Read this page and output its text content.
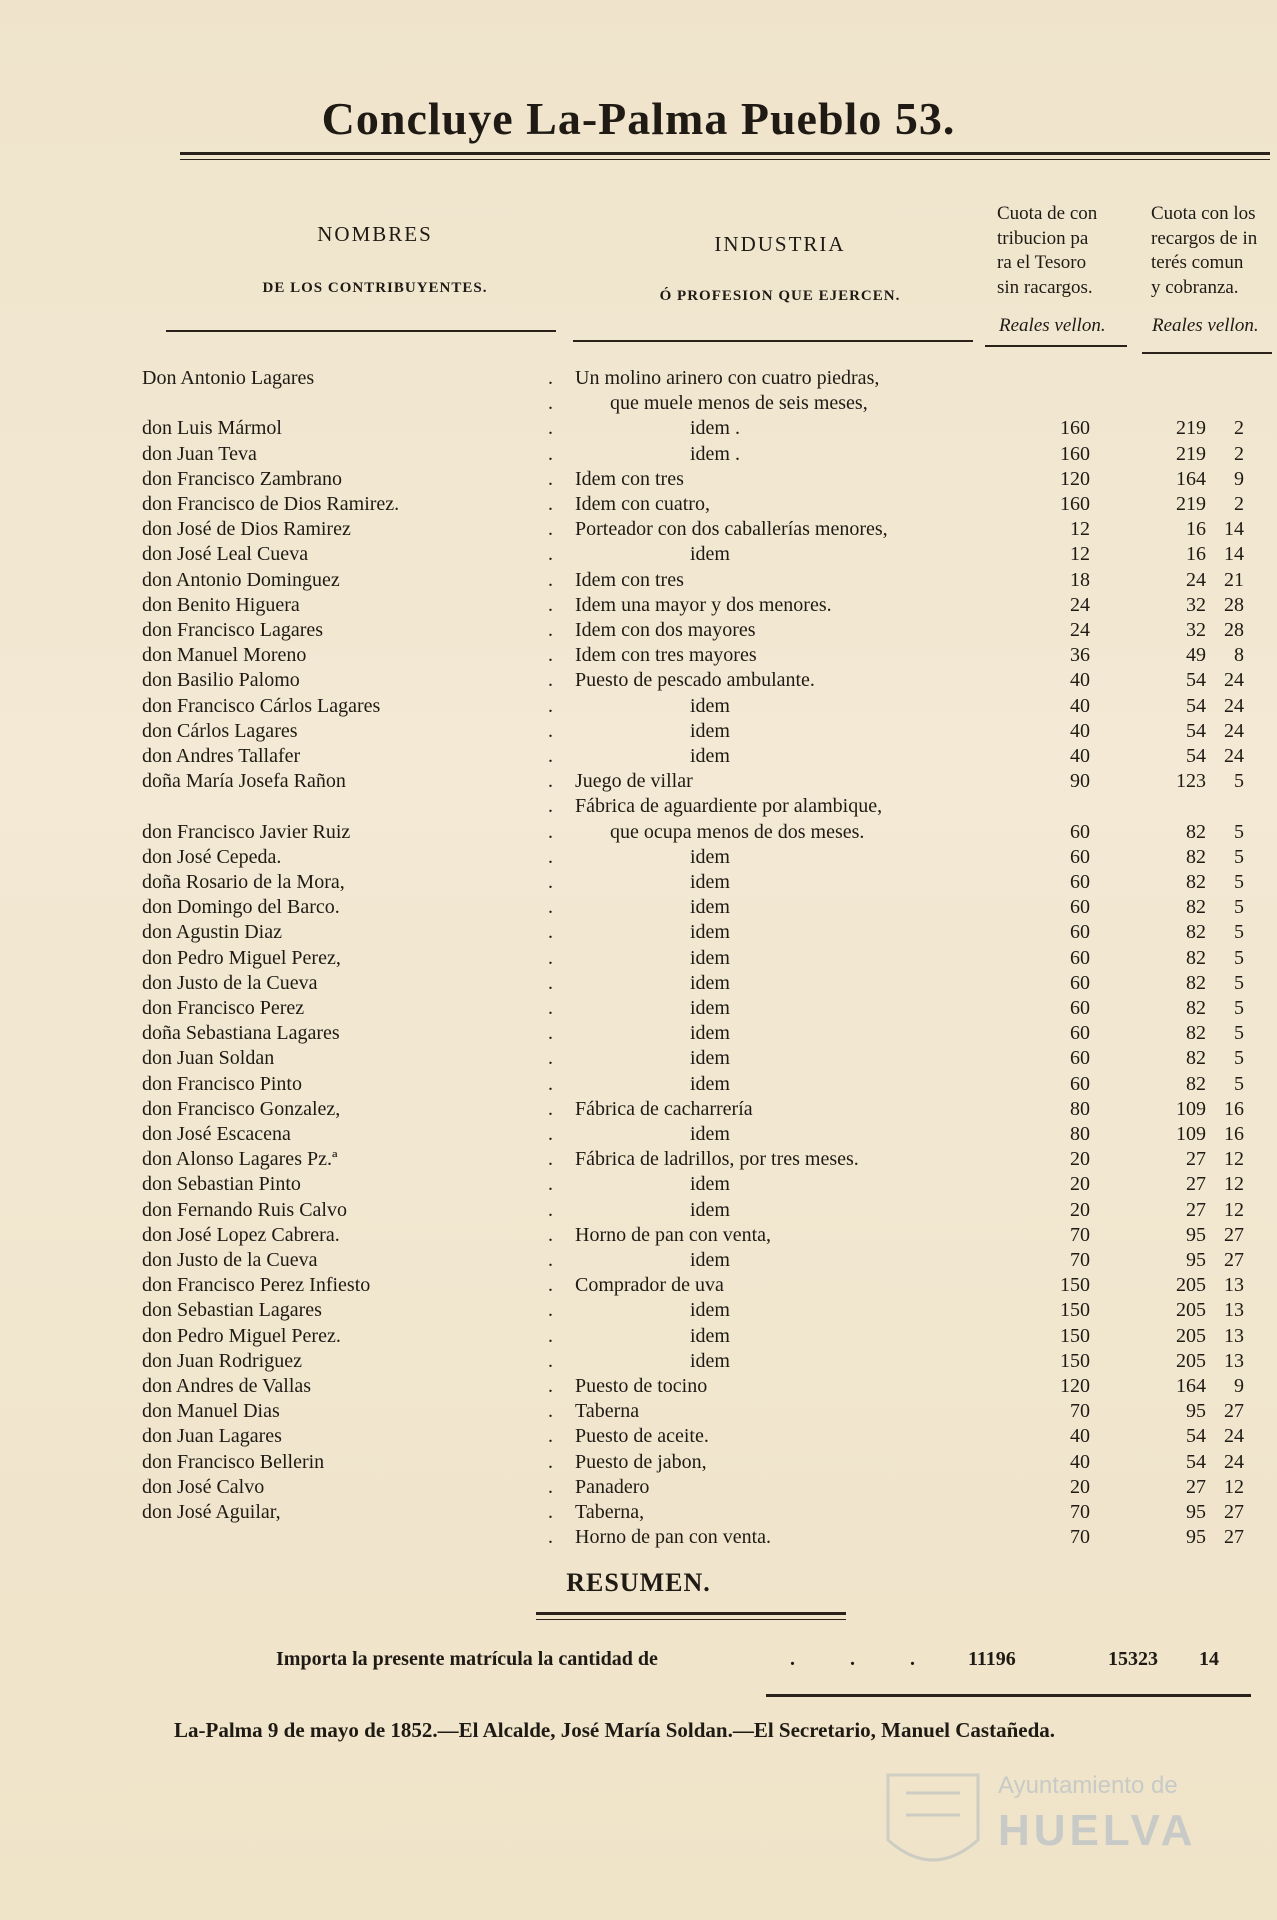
Concluye La-Palma Pueblo 53.
NOMBRES
DE LOS CONTRIBUYENTES.
INDUSTRIA
Ó PROFESION QUE EJERCEN.
Cuota de con
tribucion pa
ra el Tesoro
sin racargos.
Reales vellon.
Cuota con los
recargos de in
terés comun
y cobranza.
Reales vellon.
Don Antonio Lagares	Un molino arinero con cuatro piedras,
.
que muele menos de seis meses,
.
don Luis Mármol	idem .	160	219	2
.
don Juan Teva	idem .	160	219	2
.
don Francisco Zambrano	Idem con tres	120	164	9
.
don Francisco de Dios Ramirez.	Idem con cuatro,	160	219	2
.
don José de Dios Ramirez	Porteador con dos caballerías menores,	12	16 14
.
don José Leal Cueva	idem	12	16 14
.
don Antonio Dominguez	Idem con tres	18	24 21
.
don Benito Higuera	Idem una mayor y dos menores.	24	32 28
.
don Francisco Lagares	Idem con dos mayores	24	32 28
.
don Manuel Moreno	Idem con tres mayores	36	49	8
.
don Basilio Palomo	Puesto de pescado ambulante.	40	54 24
.
don Francisco Cárlos Lagares	idem	40	54 24
.
don Cárlos Lagares	idem	40	54 24
.
don Andres Tallafer	idem	40	54 24
.
doña María Josefa Rañon	Juego de villar	90	123	5
.
Fábrica de aguardiente por alambique,
.
don Francisco Javier Ruiz	que ocupa menos de dos meses.	60	82	5
.
don José Cepeda.	idem	60	82	5
.
doña Rosario de la Mora,	idem	60	82	5
.
don Domingo del Barco.	idem	60	82	5
.
don Agustin Diaz	idem	60	82	5
.
don Pedro Miguel Perez,	idem	60	82	5
.
don Justo de la Cueva	idem	60	82	5
.
don Francisco Perez	idem	60	82	5
.
doña Sebastiana Lagares	idem	60	82	5
.
don Juan Soldan	idem	60	82	5
.
don Francisco Pinto	idem	60	82	5
.
don Francisco Gonzalez,	Fábrica de cacharrería	80	109 16
.
don José Escacena	idem	80	109 16
.
don Alonso Lagares Pz.ª	Fábrica de ladrillos, por tres meses.	20	27 12
.
don Sebastian Pinto	idem	20	27 12
.
don Fernando Ruis Calvo	idem	20	27 12
.
don José Lopez Cabrera.	Horno de pan con venta,	70	95 27
.
don Justo de la Cueva	idem	70	95 27
.
don Francisco Perez Infiesto	Comprador de uva	150	205 13
.
don Sebastian Lagares	idem	150	205 13
.
don Pedro Miguel Perez.	idem	150	205 13
.
don Juan Rodriguez	idem	150	205 13
.
don Andres de Vallas	Puesto de tocino	120	164	9
.
don Manuel Dias	Taberna	70	95 27
.
don Juan Lagares	Puesto de aceite.	40	54 24
.
don Francisco Bellerin	Puesto de jabon,	40	54 24
.
don José Calvo	Panadero	20	27 12
.
don José Aguilar,	Taberna,	70	95 27
.
Horno de pan con venta.	70	95 27
.
RESUMEN.
Importa la presente matrícula la cantidad de	.           .           .	11196	15323 14
La-Palma 9 de mayo de 1852.—El Alcalde, José María Soldan.—El Secretario, Manuel Castañeda.
Ayuntamiento de
HUELVA
